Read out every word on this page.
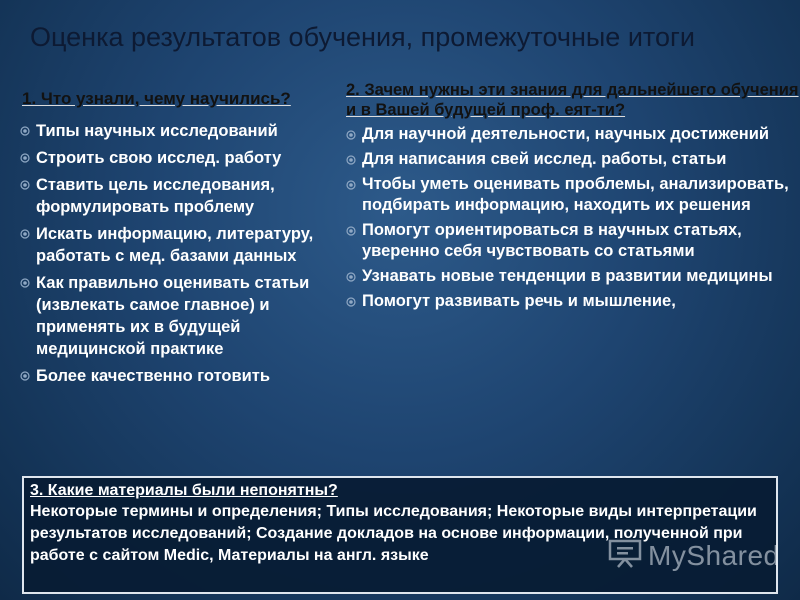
Оценка результатов обучения, промежуточные итоги
1. Что узнали, чему научились?
Типы научных исследований
Строить свою исслед. работу
Ставить цель исследования, формулировать проблему
Искать информацию, литературу, работать с мед. базами данных
Как правильно оценивать статьи (извлекать самое главное) и применять их в будущей медицинской практике
Более качественно готовить
2. Зачем нужны эти знания для дальнейшего обучения и в Вашей будущей проф. еят-ти?
Для научной деятельности, научных достижений
Для написания свей исслед. работы, статьи
Чтобы уметь оценивать проблемы, анализировать, подбирать информацию, находить их решения
Помогут ориентироваться в научных статьях, уверенно себя чувствовать со статьями
Узнавать новые тенденции в развитии медицины
Помогут развивать речь и мышление,
3. Какие материалы были непонятны?
Некоторые термины и определения; Типы исследования; Некоторые виды интерпретации результатов исследований; Создание докладов на основе информации, полученной при работе с сайтом Medic, Материалы на англ. языке	MyShared
